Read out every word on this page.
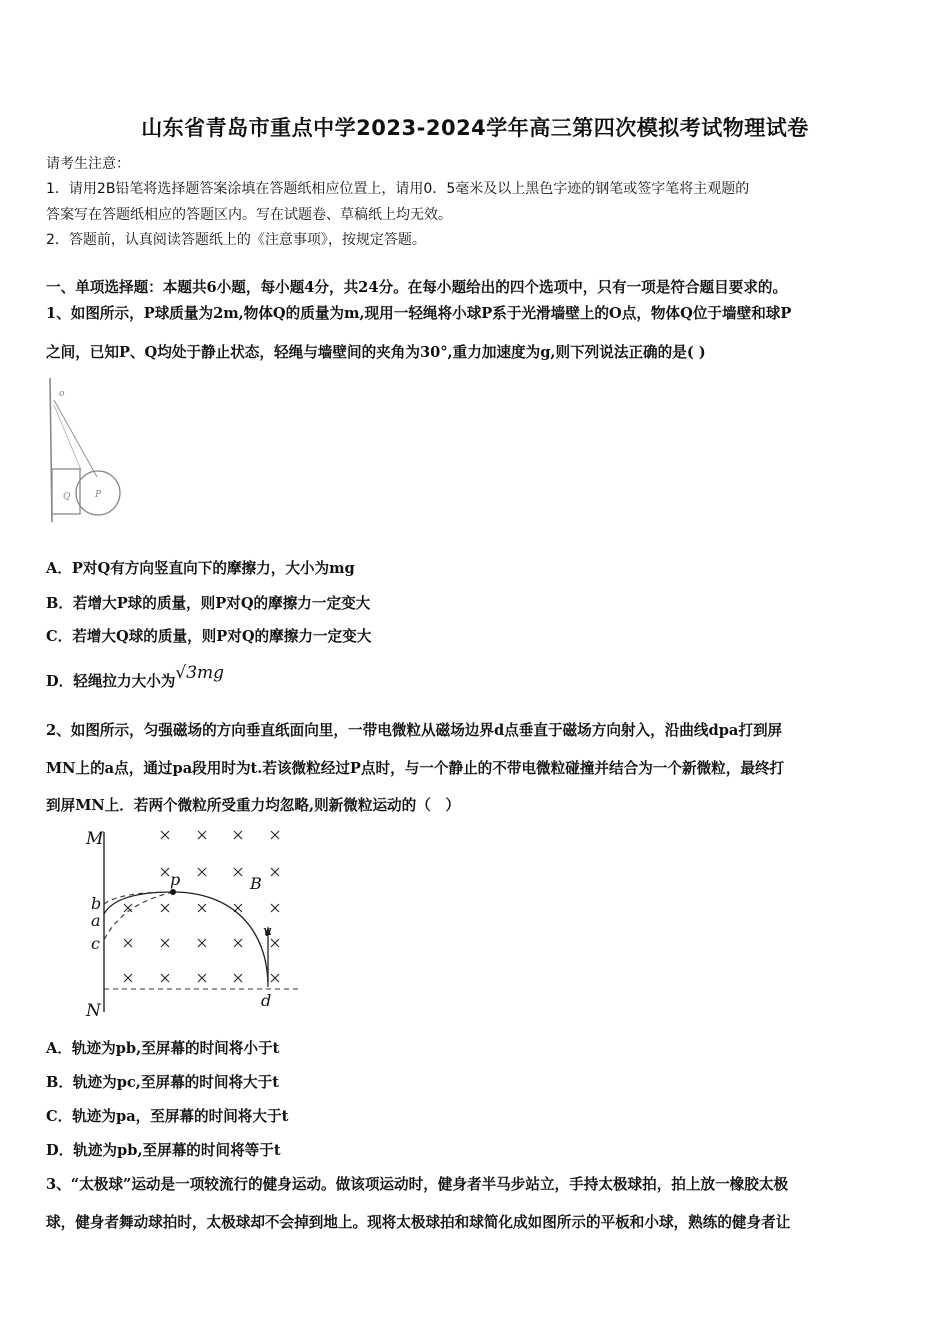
山东省青岛市重点中学2023-2024学年高三第四次模拟考试物理试卷
请考生注意：
1．请用2B铅笔将选择题答案涂填在答题纸相应位置上，请用0．5毫米及以上黑色字迹的钢笔或签字笔将主观题的
答案写在答题纸相应的答题区内。写在试题卷、草稿纸上均无效。
2．答题前，认真阅读答题纸上的《注意事项》，按规定答题。
一、单项选择题：本题共6小题，每小题4分，共24分。在每小题给出的四个选项中，只有一项是符合题目要求的。
1、如图所示，P球质量为2m,物体Q的质量为m,现用一轻绳将小球P系于光滑墙壁上的O点，物体Q位于墙壁和球P
之间，已知P、Q均处于静止状态，轻绳与墙壁间的夹角为30°,重力加速度为g,则下列说法正确的是( )
o
Q	P
A．P对Q有方向竖直向下的摩擦力，大小为mg
B．若增大P球的质量，则P对Q的摩擦力一定变大
C．若增大Q球的质量，则P对Q的摩擦力一定变大
D．轻绳拉力大小为√3mg
2、如图所示，匀强磁场的方向垂直纸面向里，一带电微粒从磁场边界d点垂直于磁场方向射入，沿曲线dpa打到屏
MN上的a点，通过pa段用时为t.若该微粒经过P点时，与一个静止的不带电微粒碰撞并结合为一个新微粒，最终打
到屏MN上．若两个微粒所受重力均忽略,则新微粒运动的（　）
M
N
p	B
b
a
c
v
d
A．轨迹为pb,至屏幕的时间将小于t
B．轨迹为pc,至屏幕的时间将大于t
C．轨迹为pa，至屏幕的时间将大于t
D．轨迹为pb,至屏幕的时间将等于t
3、“太极球”运动是一项较流行的健身运动。做该项运动时，健身者半马步站立，手持太极球拍，拍上放一橡胶太极
球，健身者舞动球拍时，太极球却不会掉到地上。现将太极球拍和球简化成如图所示的平板和小球，熟练的健身者让
